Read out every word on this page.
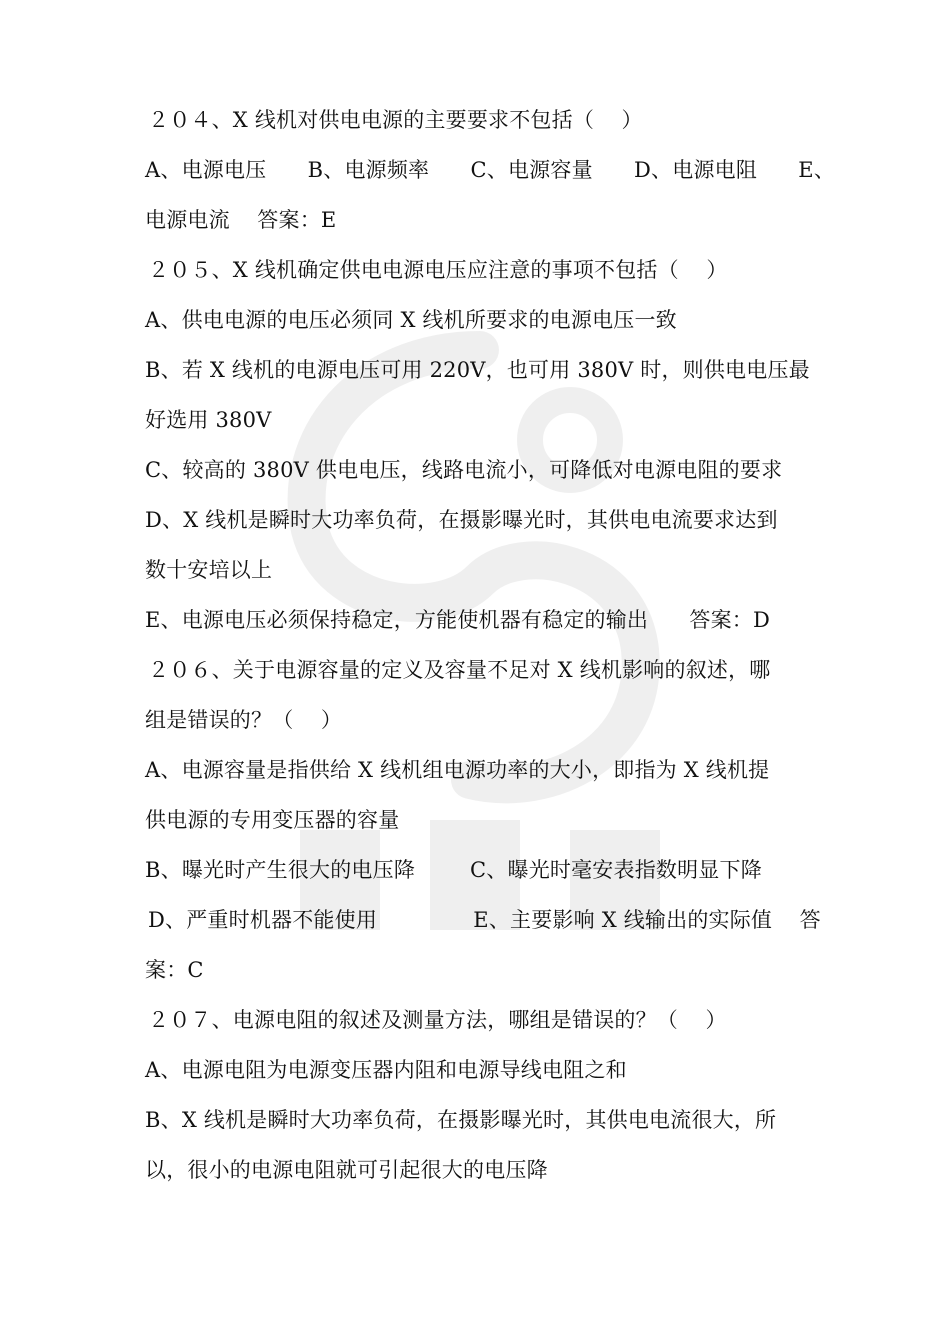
２０４、X 线机对供电电源的主要要求不包括（    ）
A、电源电压      B、电源频率      C、电源容量      D、电源电阻      E、
电源电流    答案：E
２０５、X 线机确定供电电源电压应注意的事项不包括（    ）
A、供电电源的电压必须同 X 线机所要求的电源电压一致
B、若 X 线机的电源电压可用 220V，也可用 380V 时，则供电电压最
好选用 380V
C、较高的 380V 供电电压，线路电流小，可降低对电源电阻的要求
D、X 线机是瞬时大功率负荷，在摄影曝光时，其供电电流要求达到
数十安培以上
E、电源电压必须保持稳定，方能使机器有稳定的输出      答案：D
２０６、关于电源容量的定义及容量不足对 X 线机影响的叙述，哪
组是错误的？（    ）
A、电源容量是指供给 X 线机组电源功率的大小，即指为 X 线机提
供电源的专用变压器的容量
B、曝光时产生很大的电压降        C、曝光时毫安表指数明显下降
D、严重时机器不能使用              E、主要影响 X 线输出的实际值    答
案：C
２０７、电源电阻的叙述及测量方法，哪组是错误的？（    ）
A、电源电阻为电源变压器内阻和电源导线电阻之和
B、X 线机是瞬时大功率负荷，在摄影曝光时，其供电电流很大，所
以，很小的电源电阻就可引起很大的电压降
